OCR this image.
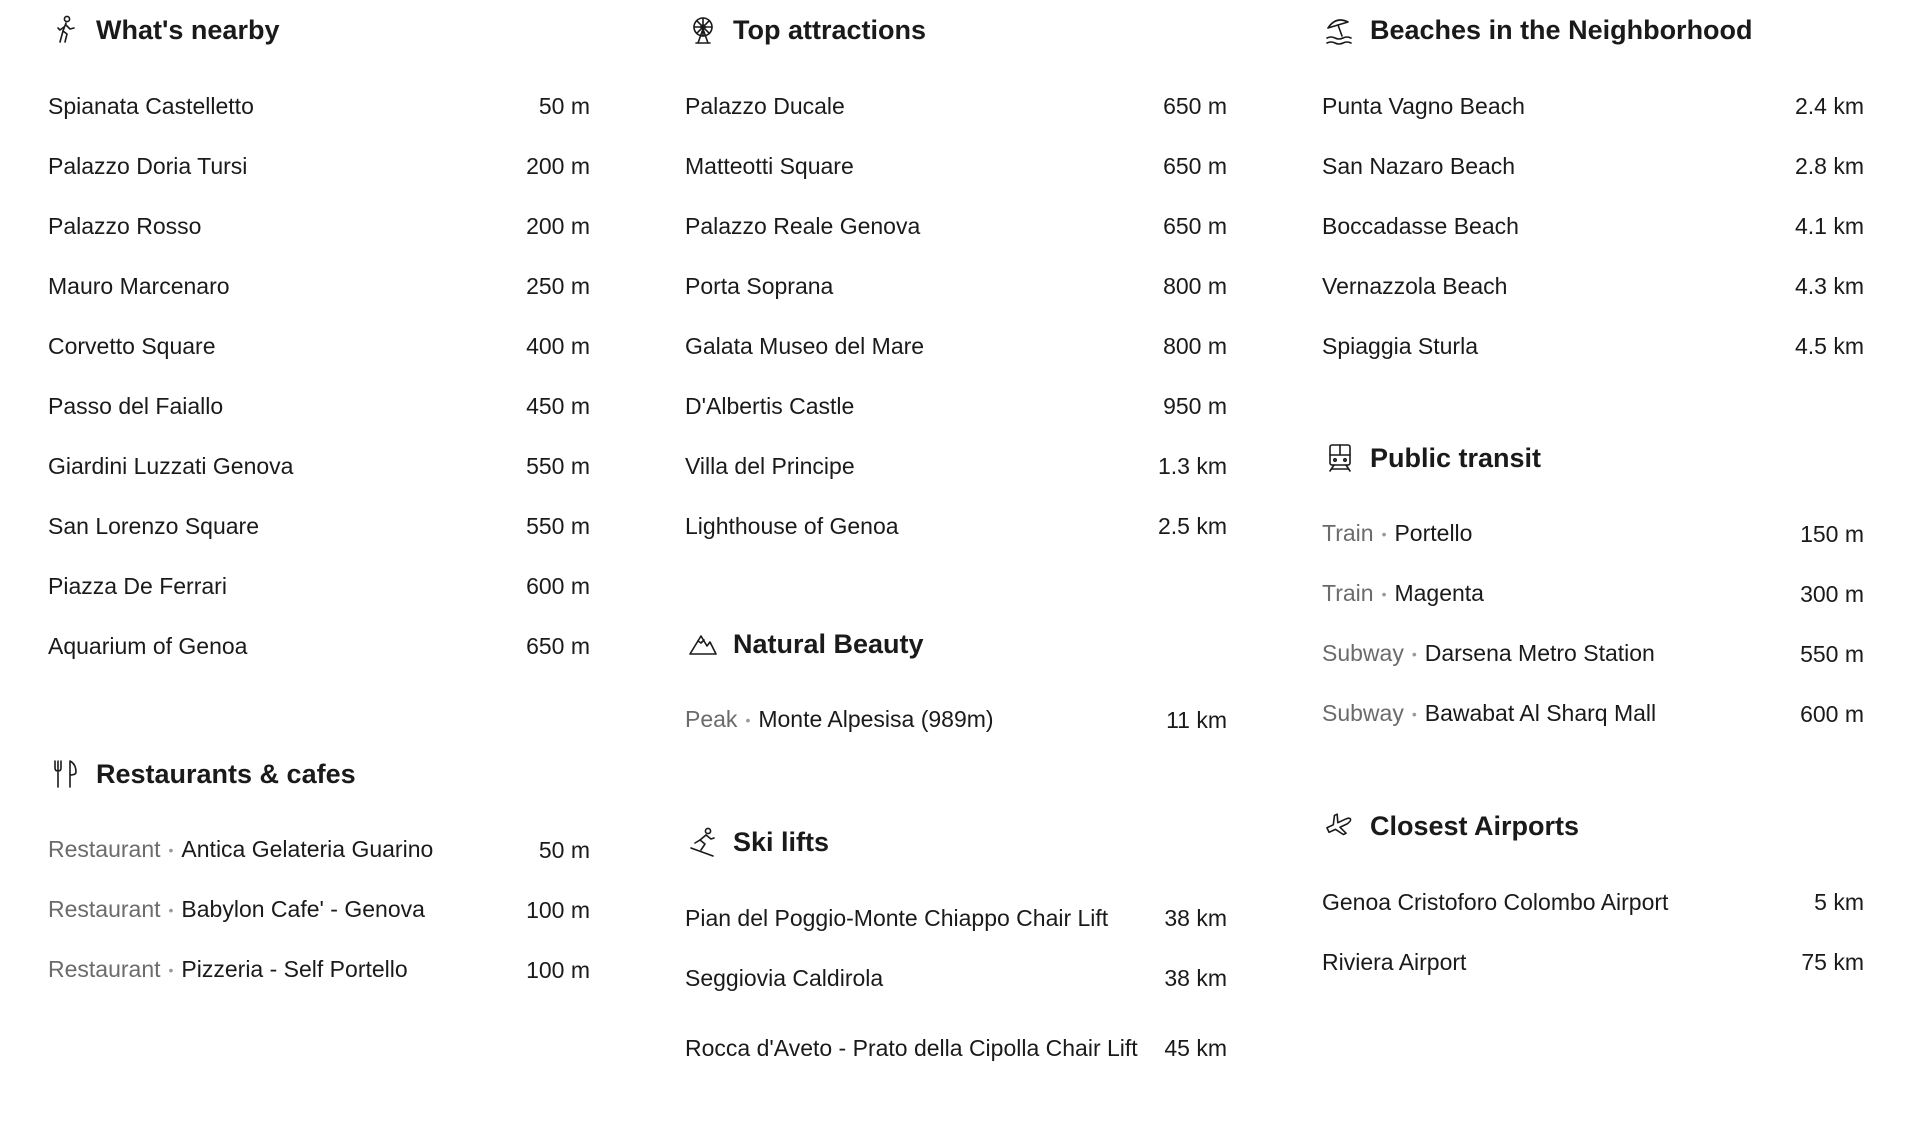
What's nearby
Spianata Castelletto	50 m
Palazzo Doria Tursi	200 m
Palazzo Rosso	200 m
Mauro Marcenaro	250 m
Corvetto Square	400 m
Passo del Faiallo	450 m
Giardini Luzzati Genova	550 m
San Lorenzo Square	550 m
Piazza De Ferrari	600 m
Aquarium of Genoa	650 m
Restaurants & cafes
Restaurant • Antica Gelateria Guarino	50 m
Restaurant • Babylon Cafe' - Genova	100 m
Restaurant • Pizzeria - Self Portello	100 m
Top attractions
Palazzo Ducale	650 m
Matteotti Square	650 m
Palazzo Reale Genova	650 m
Porta Soprana	800 m
Galata Museo del Mare	800 m
D'Albertis Castle	950 m
Villa del Principe	1.3 km
Lighthouse of Genoa	2.5 km
Natural Beauty
Peak • Monte Alpesisa (989m)	11 km
Ski lifts
Pian del Poggio-Monte Chiappo Chair Lift	38 km
Seggiovia Caldirola	38 km
Rocca d'Aveto - Prato della Cipolla Chair Lift	45 km
Beaches in the Neighborhood
Punta Vagno Beach	2.4 km
San Nazaro Beach	2.8 km
Boccadasse Beach	4.1 km
Vernazzola Beach	4.3 km
Spiaggia Sturla	4.5 km
Public transit
Train • Portello	150 m
Train • Magenta	300 m
Subway • Darsena Metro Station	550 m
Subway • Bawabat Al Sharq Mall	600 m
Closest Airports
Genoa Cristoforo Colombo Airport	5 km
Riviera Airport	75 km
